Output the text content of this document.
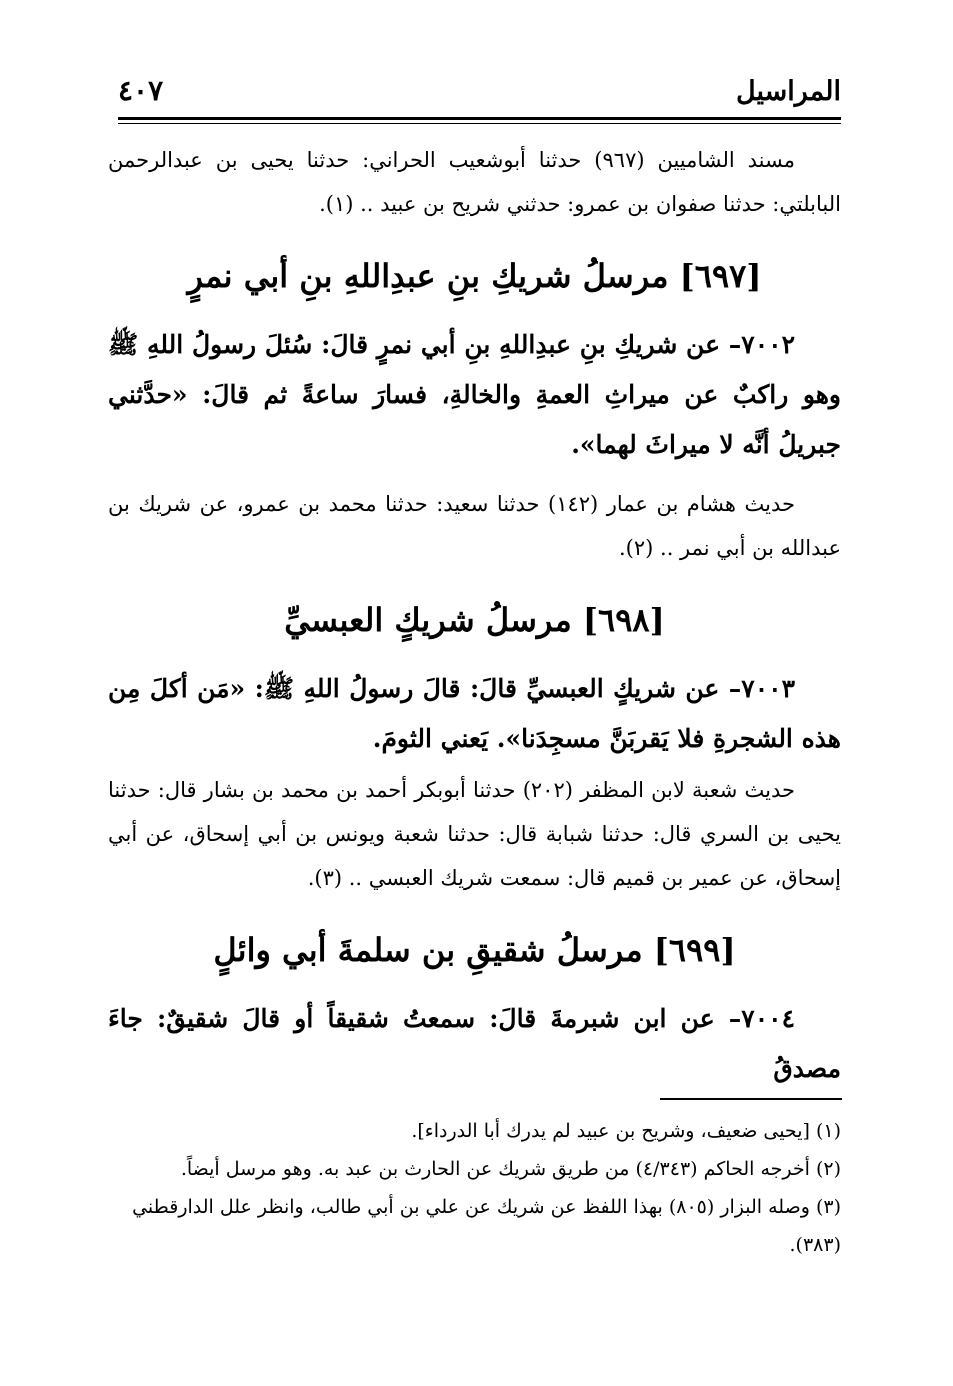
المراسيل
٤٠٧

مسند الشاميين (٩٦٧) حدثنا أبوشعيب الحراني: حدثنا يحيى بن عبدالرحمن البابلتي: حدثنا صفوان بن عمرو: حدثني شريح بن عبيد .. (١).

[٦٩٧] مرسلُ شريكِ بنِ عبدِاللهِ بنِ أبي نمرٍ

٧٠٠٢– عن شريكِ بنِ عبدِاللهِ بنِ أبي نمرٍ قالَ: سُئلَ رسولُ اللهِ ﷺ وهو راكبٌ عن ميراثِ العمةِ والخالةِ، فسارَ ساعةً ثم قالَ: «حدَّثني جبريلُ أنَّه لا ميراثَ لهما».

حديث هشام بن عمار (١٤٢) حدثنا سعيد: حدثنا محمد بن عمرو، عن شريك بن عبدالله بن أبي نمر .. (٢).

[٦٩٨] مرسلُ شريكٍ العبسيِّ

٧٠٠٣– عن شريكٍ العبسيِّ قالَ: قالَ رسولُ اللهِ ﷺ: «مَن أكلَ مِن هذه الشجرةِ فلا يَقربَنَّ مسجِدَنا». يَعني الثومَ.

حديث شعبة لابن المظفر (٢٠٢) حدثنا أبوبكر أحمد بن محمد بن بشار قال: حدثنا يحيى بن السري قال: حدثنا شبابة قال: حدثنا شعبة ويونس بن أبي إسحاق، عن أبي إسحاق، عن عمير بن قميم قال: سمعت شريك العبسي .. (٣).

[٦٩٩] مرسلُ شقيقِ بن سلمةَ أبي وائلٍ

٧٠٠٤– عن ابن شبرمةَ قالَ: سمعتُ شقيقاً أو قالَ شقيقٌ: جاءَ مصدقُ

(١) [يحيى ضعيف، وشريح بن عبيد لم يدرك أبا الدرداء].

(٢) أخرجه الحاكم (٤/٣٤٣) من طريق شريك عن الحارث بن عبد به. وهو مرسل أيضاً.

(٣) وصله البزار (٨٠٥) بهذا اللفظ عن شريك عن علي بن أبي طالب، وانظر علل الدارقطني (٣٨٣).
